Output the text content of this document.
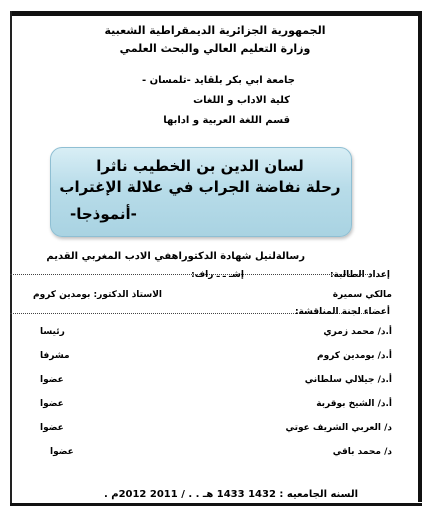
الجمهورية الجزائرية الديمقراطية الشعبية
وزارة التعليم العالي والبحث العلمي
جامعة ابي بكر بلقايد -تلمسان -
كلية الاداب و اللغات
قسم اللغة العربية و ادابها
لسان الدين بن الخطيب ناثرا
رحلة نفاضة الجراب في علالة الإغتراب
-أنموذجا-
رسالةلنيل شهادة الدكتوراهفي الادب المغربي القديم
إعداد الطالبة:
إشـ ـ ـ راف:
مالكي سميرة
الاستاذ الدكتور: بومدين كروم
أعضاء لجنة المناقشة:
أ.د/ محمد زمري
رئيسا
أ.د/ بومدين كروم
مشرفا
أ.د/ جيلالي سلطاني
عضوا
أ.د/ الشيخ بوقربة
عضوا
د/ العربي الشريف عوتي
عضوا
د/ محمد باقي
عضوا
السنه الجامعيه : 1432 1433 هـ . . / 2011 2012م .
